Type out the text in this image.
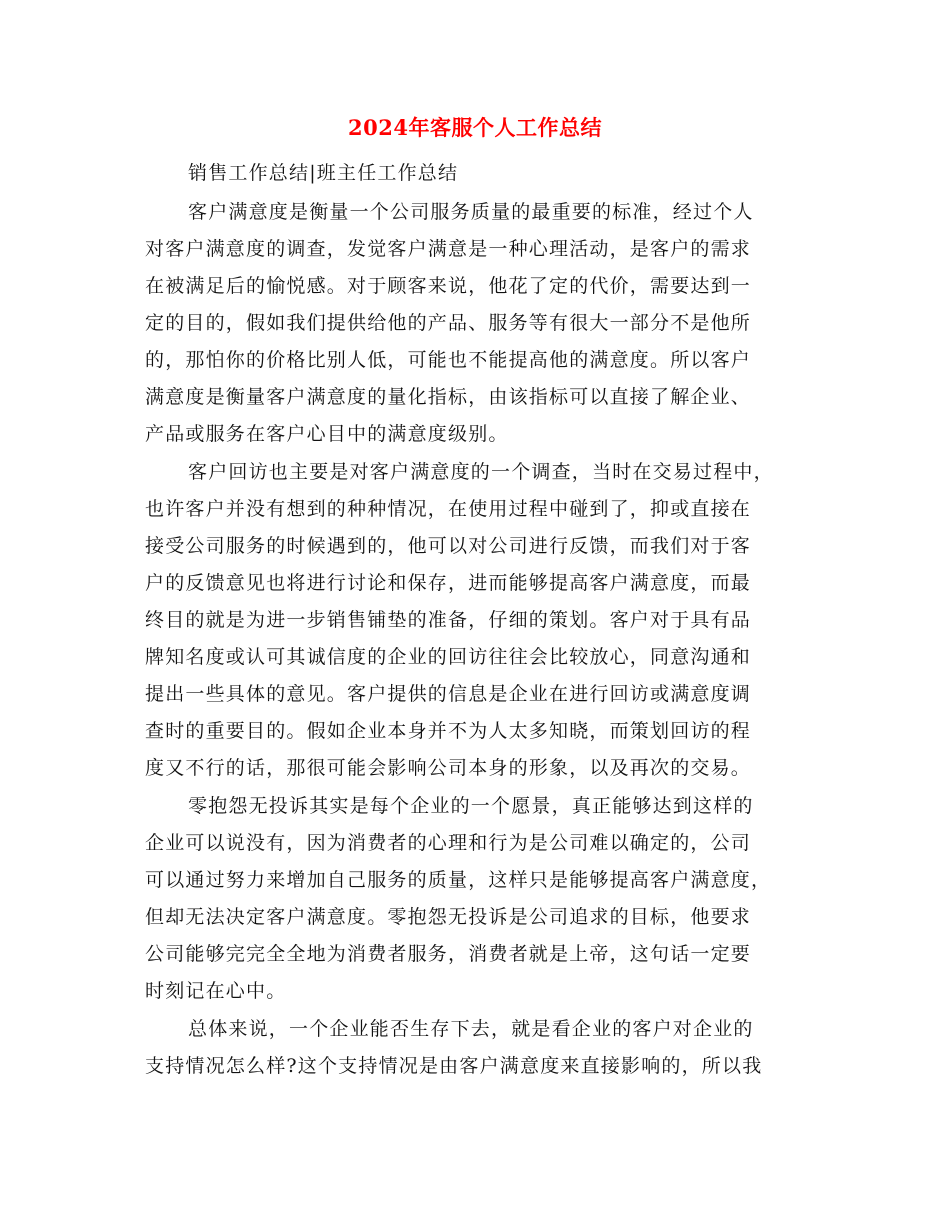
2024年客服个人工作总结
销售工作总结|班主任工作总结
客户满意度是衡量一个公司服务质量的最重要的标准，经过个人
对客户满意度的调查，发觉客户满意是一种心理活动，是客户的需求
在被满足后的愉悦感。对于顾客来说，他花了定的代价，需要达到一
定的目的，假如我们提供给他的产品、服务等有很大一部分不是他所
的，那怕你的价格比别人低，可能也不能提高他的满意度。所以客户
满意度是衡量客户满意度的量化指标，由该指标可以直接了解企业、
产品或服务在客户心目中的满意度级别。
客户回访也主要是对客户满意度的一个调查，当时在交易过程中，
也许客户并没有想到的种种情况，在使用过程中碰到了，抑或直接在
接受公司服务的时候遇到的，他可以对公司进行反馈，而我们对于客
户的反馈意见也将进行讨论和保存，进而能够提高客户满意度，而最
终目的就是为进一步销售铺垫的准备，仔细的策划。客户对于具有品
牌知名度或认可其诚信度的企业的回访往往会比较放心，同意沟通和
提出一些具体的意见。客户提供的信息是企业在进行回访或满意度调
查时的重要目的。假如企业本身并不为人太多知晓，而策划回访的程
度又不行的话，那很可能会影响公司本身的形象，以及再次的交易。
零抱怨无投诉其实是每个企业的一个愿景，真正能够达到这样的
企业可以说没有，因为消费者的心理和行为是公司难以确定的，公司
可以通过努力来增加自己服务的质量，这样只是能够提高客户满意度，
但却无法决定客户满意度。零抱怨无投诉是公司追求的目标，他要求
公司能够完完全全地为消费者服务，消费者就是上帝，这句话一定要
时刻记在心中。
总体来说，一个企业能否生存下去，就是看企业的客户对企业的
支持情况怎么样?这个支持情况是由客户满意度来直接影响的，所以我
